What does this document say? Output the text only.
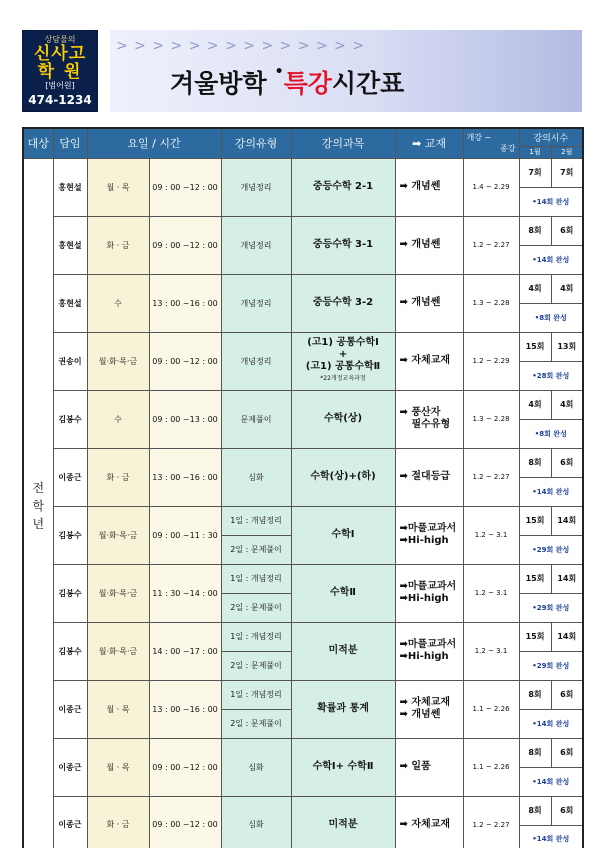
상담물의
신사고
학원
[범어원]
474-1234
> > > > > > > > > > > > > >
겨울방학 •특강시간표
대상	담임	요일 / 시간		강의유형	강의과목	➡ 교재	개강 ~
종강	강의시수	
								1월	2월

전 학 년	홍현설	월 · 목	09 : 00 ~12 : 00	개념정리	중등수학 2-1	➡ 개념쎈	1.4 ~ 2.29	7회	7회
								•14회 완성	
	홍현설	화 · 금	09 : 00 ~12 : 00	개념정리	중등수학 3-1	➡ 개념쎈	1.2 ~ 2.27	8회	6회
								•14회 완성	
	홍현설	수	13 : 00 ~16 : 00	개념정리	중등수학 3-2	➡ 개념쎈	1.3 ~ 2.28	4회	4회
								•8회 완성	
	권송이	월·화·목·금	09 : 00 ~12 : 00	개념정리	(고1) 공통수학Ⅰ
+
(고1) 공통수학Ⅱ
*22개정교육과정	➡ 자체교재	1.2 ~ 2.29	15회	13회
								•28회 완성	
	김봉수	수	09 : 00 ~13 : 00	문제풀이	수학(상)	➡ 풍산자
필수유형	1.3 ~ 2.28	4회	4회
								•8회 완성	
	이종근	화 · 금	13 : 00 ~16 : 00	심화	수학(상)+(하)	➡ 절대등급	1.2 ~ 2.27	8회	6회
								•14회 완성	
	김봉수	월·화·목·금	09 : 00 ~11 : 30	1일 : 개념정리	수학Ⅰ	➡마플교과서
➡Hi-high	1.2 ~ 3.1	15회	14회
				2일 : 문제풀이				•29회 완성	
	김봉수	월·화·목·금	11 : 30 ~14 : 00	1일 : 개념정리	수학Ⅱ	➡마플교과서
➡Hi-high	1.2 ~ 3.1	15회	14회
				2일 : 문제풀이				•29회 완성	
	김봉수	월·화·목·금	14 : 00 ~17 : 00	1일 : 개념정리	미적분	➡마플교과서
➡Hi-high	1.2 ~ 3.1	15회	14회
				2일 : 문제풀이				•29회 완성	
	이종근	월 · 목	13 : 00 ~16 : 00	1일 : 개념정리	확률과 통계	➡ 자체교재
➡ 개념쎈	1.1 ~ 2.26	8회	6회
				2일 : 문제풀이				•14회 완성	
	이종근	월 · 목	09 : 00 ~12 : 00	심화	수학Ⅰ+ 수학Ⅱ	➡ 일품	1.1 ~ 2.26	8회	6회
								•14회 완성	
	이종근	화 · 금	09 : 00 ~12 : 00	심화	미적분	➡ 자체교재	1.2 ~ 2.27	8회	6회
								•14회 완성	
